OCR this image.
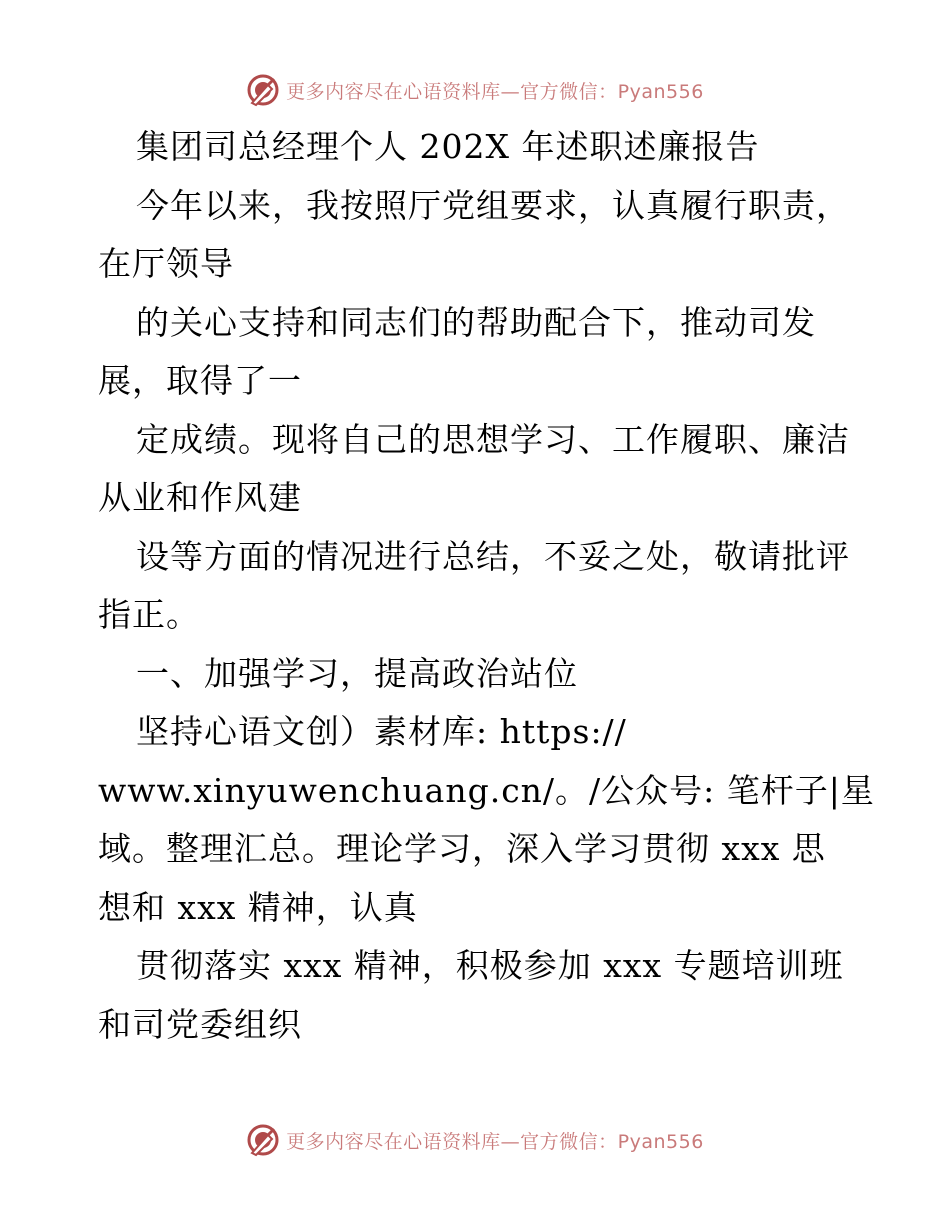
更多内容尽在心语资料库—官方微信：Pyan556
集团司总经理个人 202X 年述职述廉报告
今年以来，我按照厅党组要求，认真履行职责，
在厅领导
的关心支持和同志们的帮助配合下，推动司发
展，取得了一
定成绩。现将自己的思想学习、工作履职、廉洁
从业和作风建
设等方面的情况进行总结，不妥之处，敬请批评
指正。
一、加强学习，提高政治站位
坚持心语文创）素材库: https://
www.xinyuwenchuang.cn/。/公众号: 笔杆子|星
域。整理汇总。理论学习，深入学习贯彻 xxx 思
想和 xxx 精神，认真
贯彻落实 xxx 精神，积极参加 xxx 专题培训班
和司党委组织
更多内容尽在心语资料库—官方微信：Pyan556
